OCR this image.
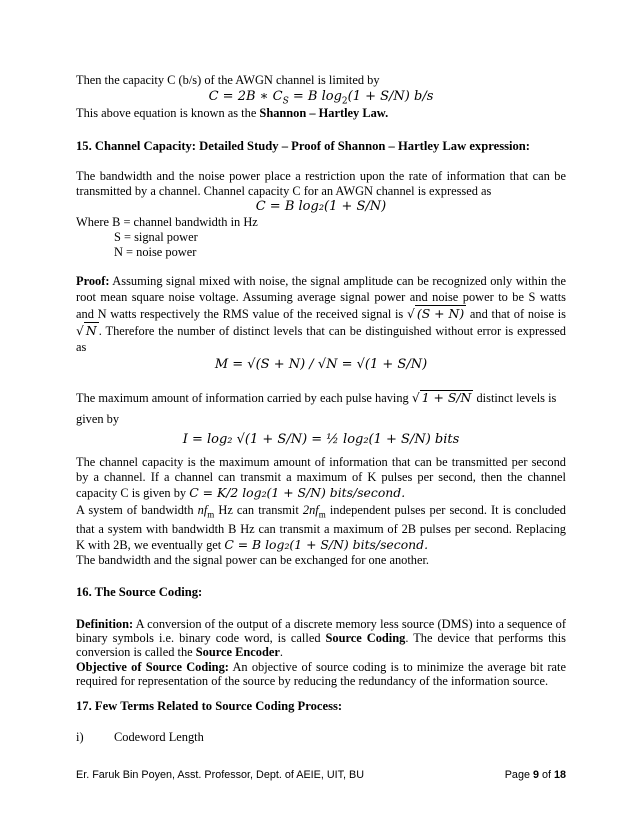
Then the capacity C (b/s) of the AWGN channel is limited by
C = 2B ∗ $C_S = B$ $\log_2(1 + S/N)$ b/s
This above equation is known as the Shannon – Hartley Law.
15. Channel Capacity: Detailed Study – Proof of Shannon – Hartley Law expression:
The bandwidth and the noise power place a restriction upon the rate of information that can be transmitted by a channel. Channel capacity C for an AWGN channel is expressed as
C = B log₂(1 + S/N)
Where B = channel bandwidth in Hz
S = signal power
N = noise power
Proof: Assuming signal mixed with noise, the signal amplitude can be recognized only within the root mean square noise voltage. Assuming average signal power and noise power to be S watts and N watts respectively the RMS value of the received signal is √ (S + N) and that of noise is √ N . Therefore the number of distinct levels that can be distinguished without error is expressed as
M = √(S + N) / √N = √(1 + S/N)
The maximum amount of information carried by each pulse having √ 1 + S/N distinct levels is
given by
I = log₂ √(1 + S/N) = ½ log₂(1 + S/N) bits
The channel capacity is the maximum amount of information that can be transmitted per second by a channel. If a channel can transmit a maximum of K pulses per second, then the channel capacity C is given by C = K/2 log₂(1 + S/N) bits/second.
A system of bandwidth $nf_m$ Hz can transmit $2nf_m$ independent pulses per second. It is concluded that a system with bandwidth B Hz can transmit a maximum of 2B pulses per second. Replacing K with 2B, we eventually get C = B log₂(1 + S/N) bits/second.
The bandwidth and the signal power can be exchanged for one another.
16. The Source Coding:
Definition: A conversion of the output of a discrete memory less source (DMS) into a sequence of binary symbols i.e. binary code word, is called Source Coding. The device that performs this conversion is called the Source Encoder.
Objective of Source Coding: An objective of source coding is to minimize the average bit rate required for representation of the source by reducing the redundancy of the information source.
17. Few Terms Related to Source Coding Process:
i) Codeword Length
Er. Faruk Bin Poyen, Asst. Professor, Dept. of AEIE, UIT, BU	Page 9 of 18
